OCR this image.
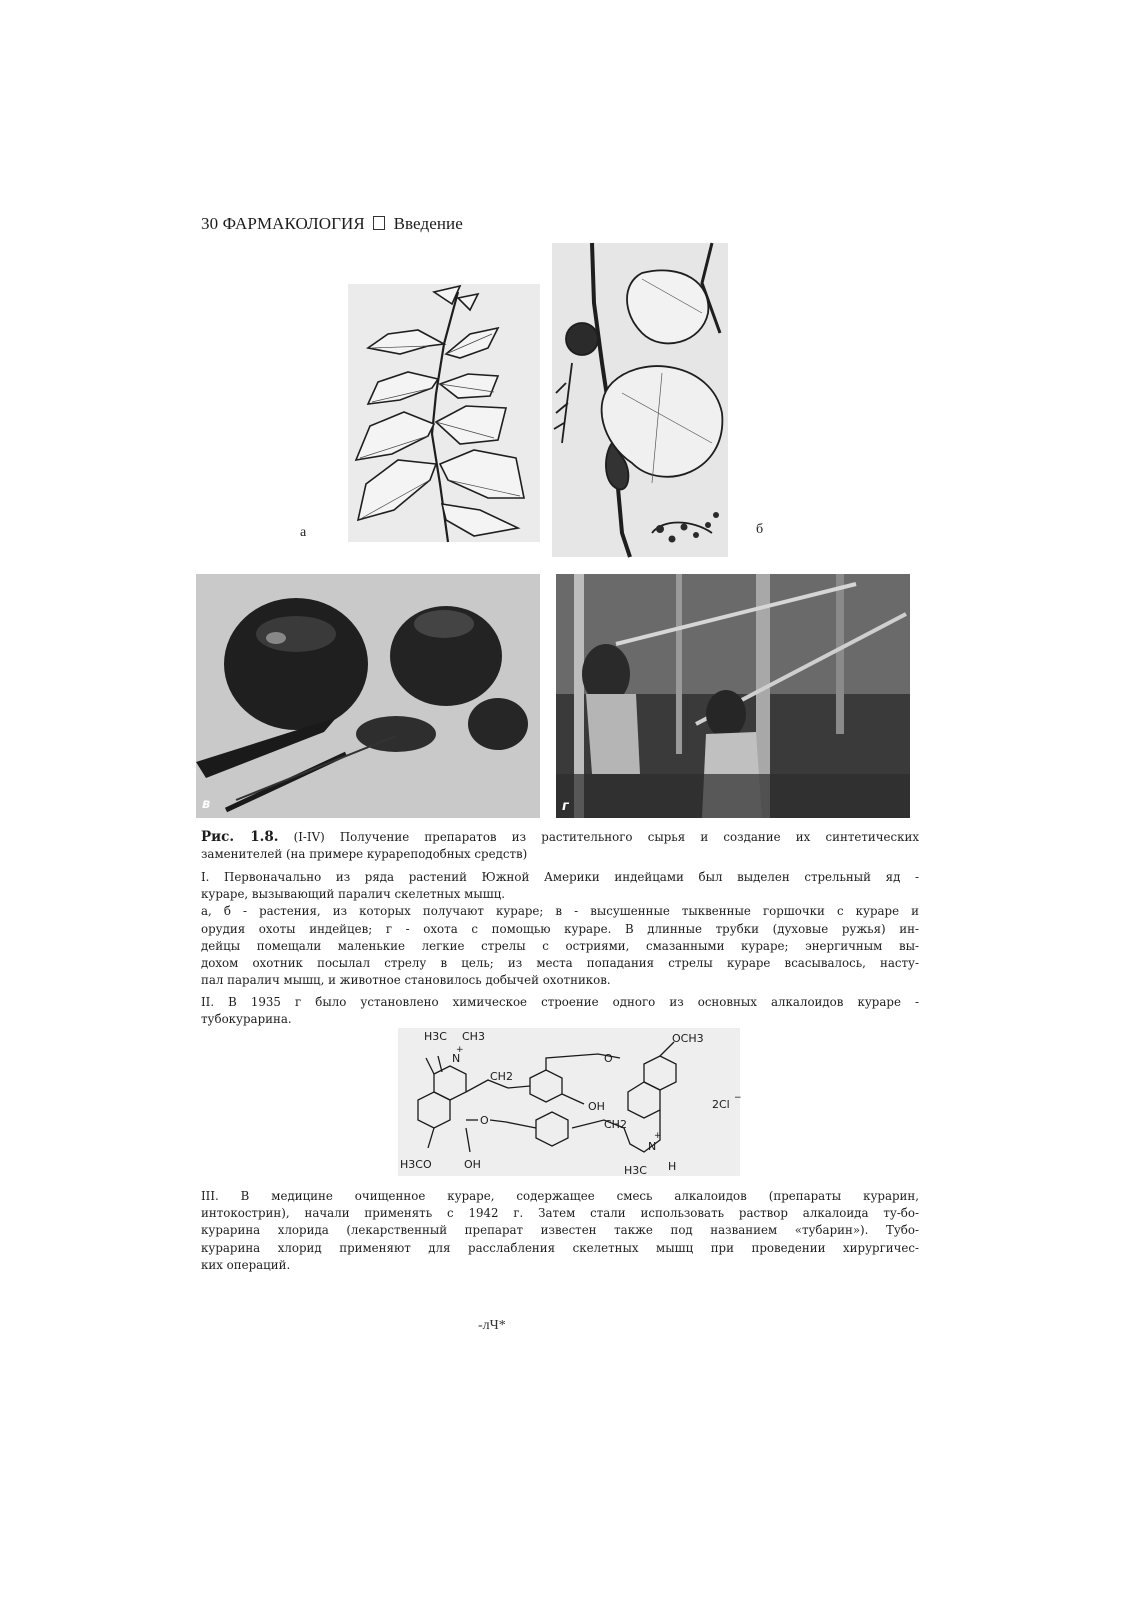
30 ФАРМАКОЛОГИЯ Введение
а	б
в	г
Рис. 1.8. (I-IV) Получение препаратов из растительного сырья и создание их синтетических
заменителей (на примере курареподобных средств)
I. Первоначально из ряда растений Южной Америки индейцами был выделен стрельный яд -
кураре, вызывающий паралич скелетных мышц.
а, б - растения, из которых получают кураре; в - высушенные тыквенные горшочки с кураре и
орудия охоты индейцев; г - охота с помощью кураре. В длинные трубки (духовые ружья) ин-
дейцы помещали маленькие легкие стрелы с остриями, смазанными кураре; энергичным вы-
дохом охотник посылал стрелу в цель; из места попадания стрелы кураре всасывалось, насту-
пал паралич мышц, и животное становилось добычей охотников.
II. В 1935 г было установлено химическое строение одного из основных алкалоидов кураре -
тубокурарина.
H3C CH3
N
+
CH2
OH
O
OCH3
2Cl −
O	CH2
N
+
H3CO	OH	H3C H
III. В медицине очищенное кураре, содержащее смесь алкалоидов (препараты курарин,
интокострин), начали применять с 1942 г. Затем стали использовать раствор алкалоида ту-бо-
курарина хлорида (лекарственный препарат известен также под названием «тубарин»). Тубо-
курарина хлорид применяют для расслабления скелетных мышц при проведении хирургичес-
ких операций.
-лЧ*
